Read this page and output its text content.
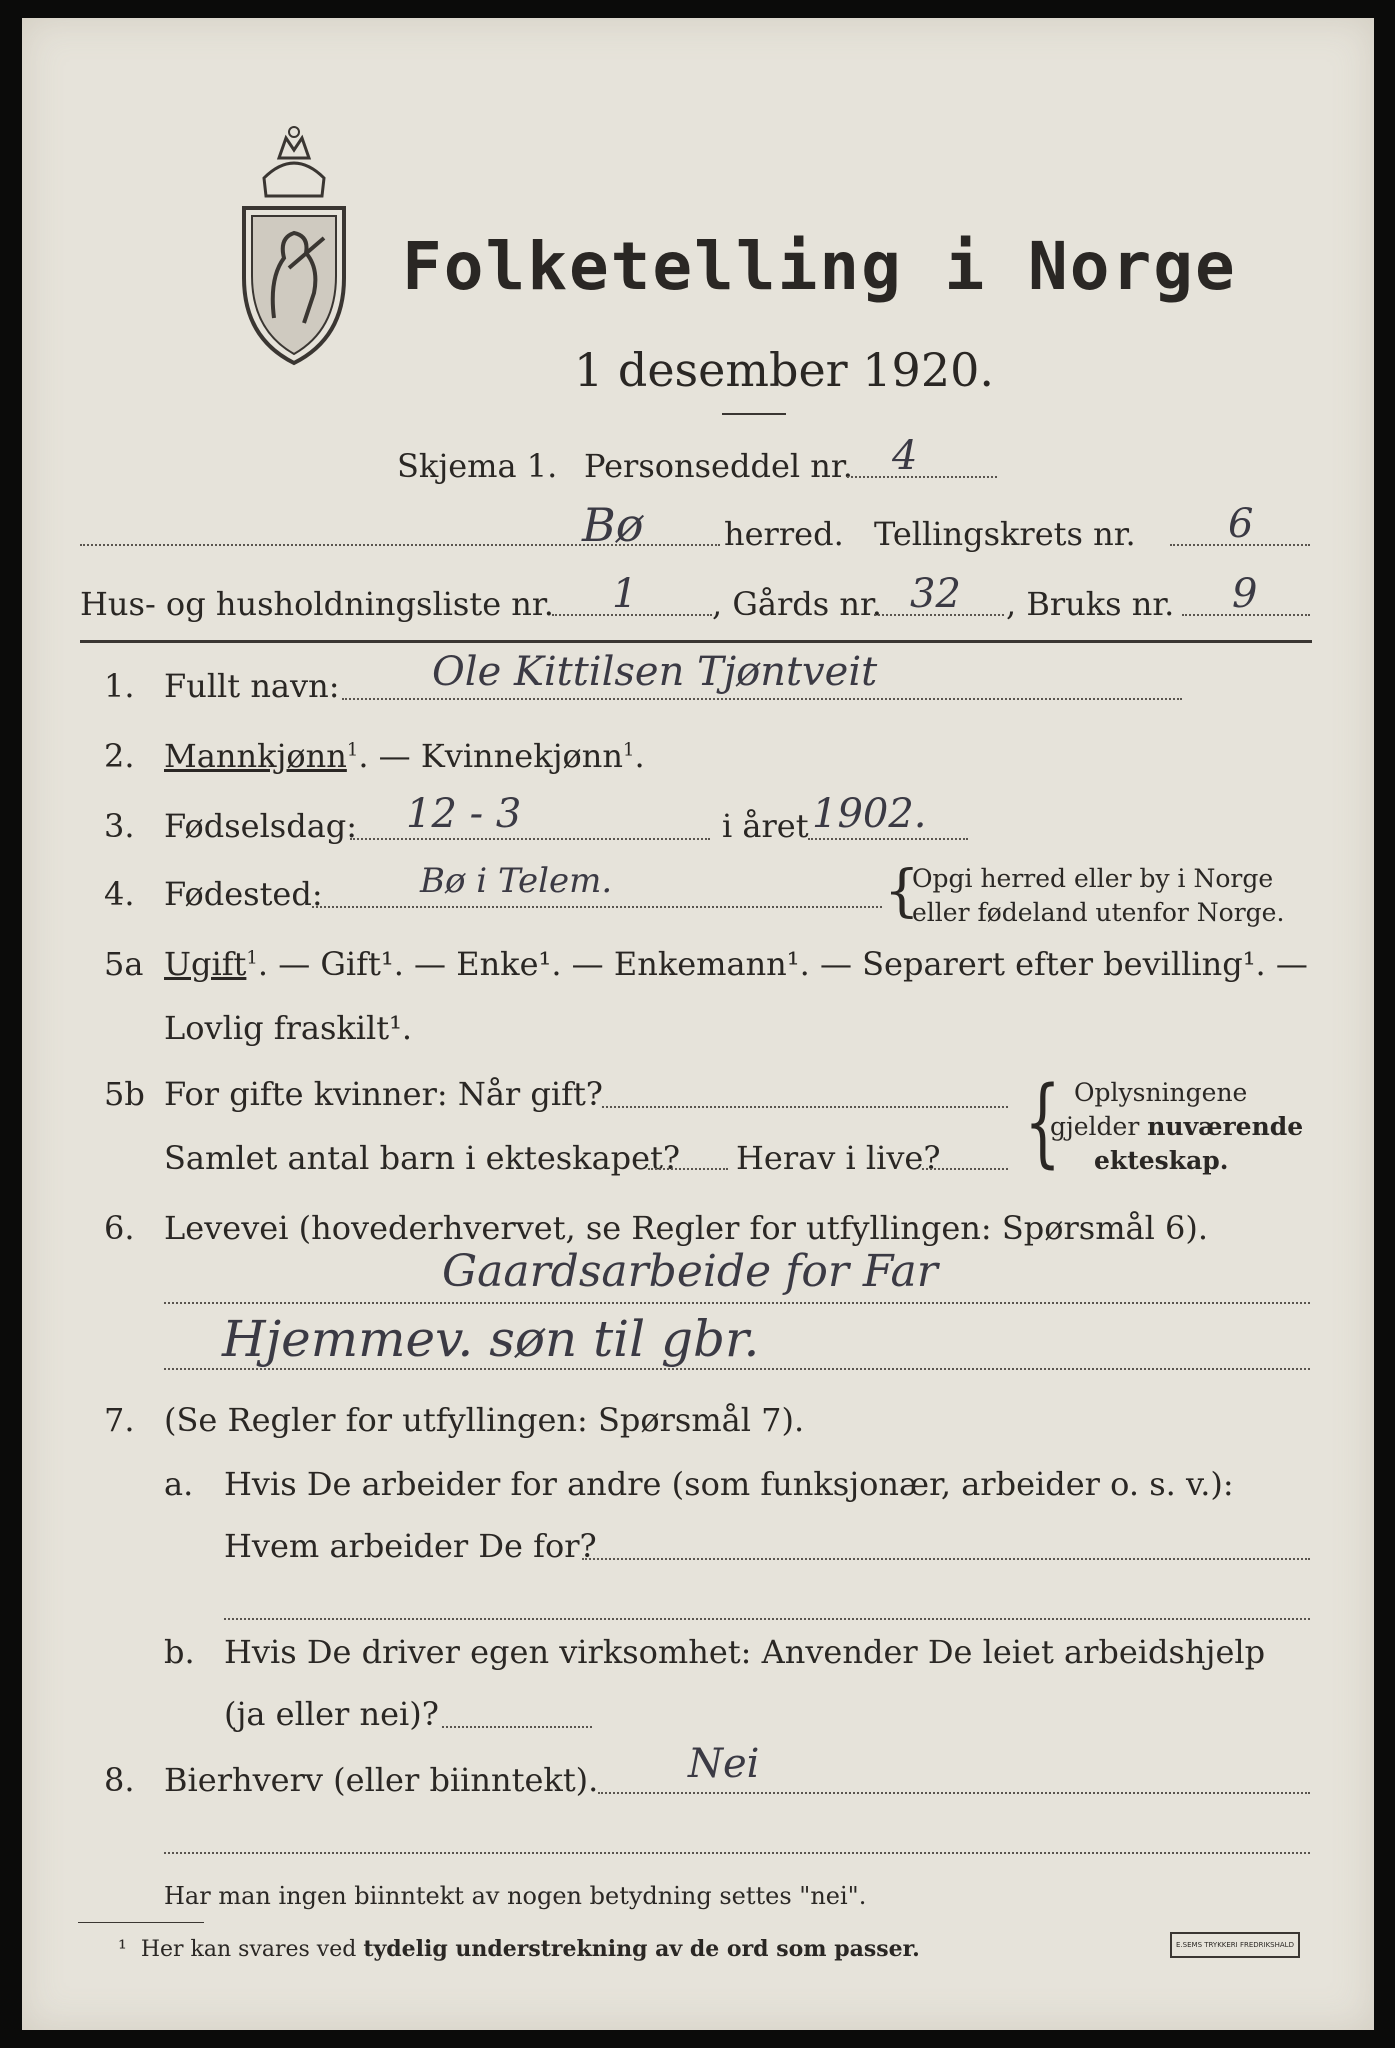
Folketelling i Norge
1 desember 1920.
Skjema 1. Personseddel nr. 4
Bø	herred. Tellingskrets nr. 6
Hus- og husholdningsliste nr. 1 , Gårds nr. 32 , Bruks nr. 9
1. Fullt navn: Ole Kittilsen Tjøntveit
2. Mannkjønn$^1$. — Kvinnekjønn$^1$.
3. Fødselsdag: 12 - 3	i året 1902.
4. Fødested:	Bø i Telem.	{
Opgi herred eller by i Norge
eller fødeland utenfor Norge.
5a Ugift$^1$. — Gift¹. — Enke¹. — Enkemann¹. — Separert efter bevilling¹. —
Lovlig fraskilt¹.
5b For gifte kvinner: Når gift?
Samlet antal barn i ekteskapet? Herav i live? { Oplysningene
gjelder nuværende
ekteskap.
6. Levevei (hovederhvervet, se Regler for utfyllingen: Spørsmål 6).
Gaardsarbeide for Far
Hjemmev. søn til gbr.
7. (Se Regler for utfyllingen: Spørsmål 7).
a. Hvis De arbeider for andre (som funksjonær, arbeider o. s. v.):
Hvem arbeider De for?
b. Hvis De driver egen virksomhet: Anvender De leiet arbeidshjelp
(ja eller nei)?
8. Bierhverv (eller biinntekt). Nei
Har man ingen biinntekt av nogen betydning settes "nei".
¹ Her kan svares ved tydelig understrekning av de ord som passer.	E.SEMS TRYKKERI FREDRIKSHALD
